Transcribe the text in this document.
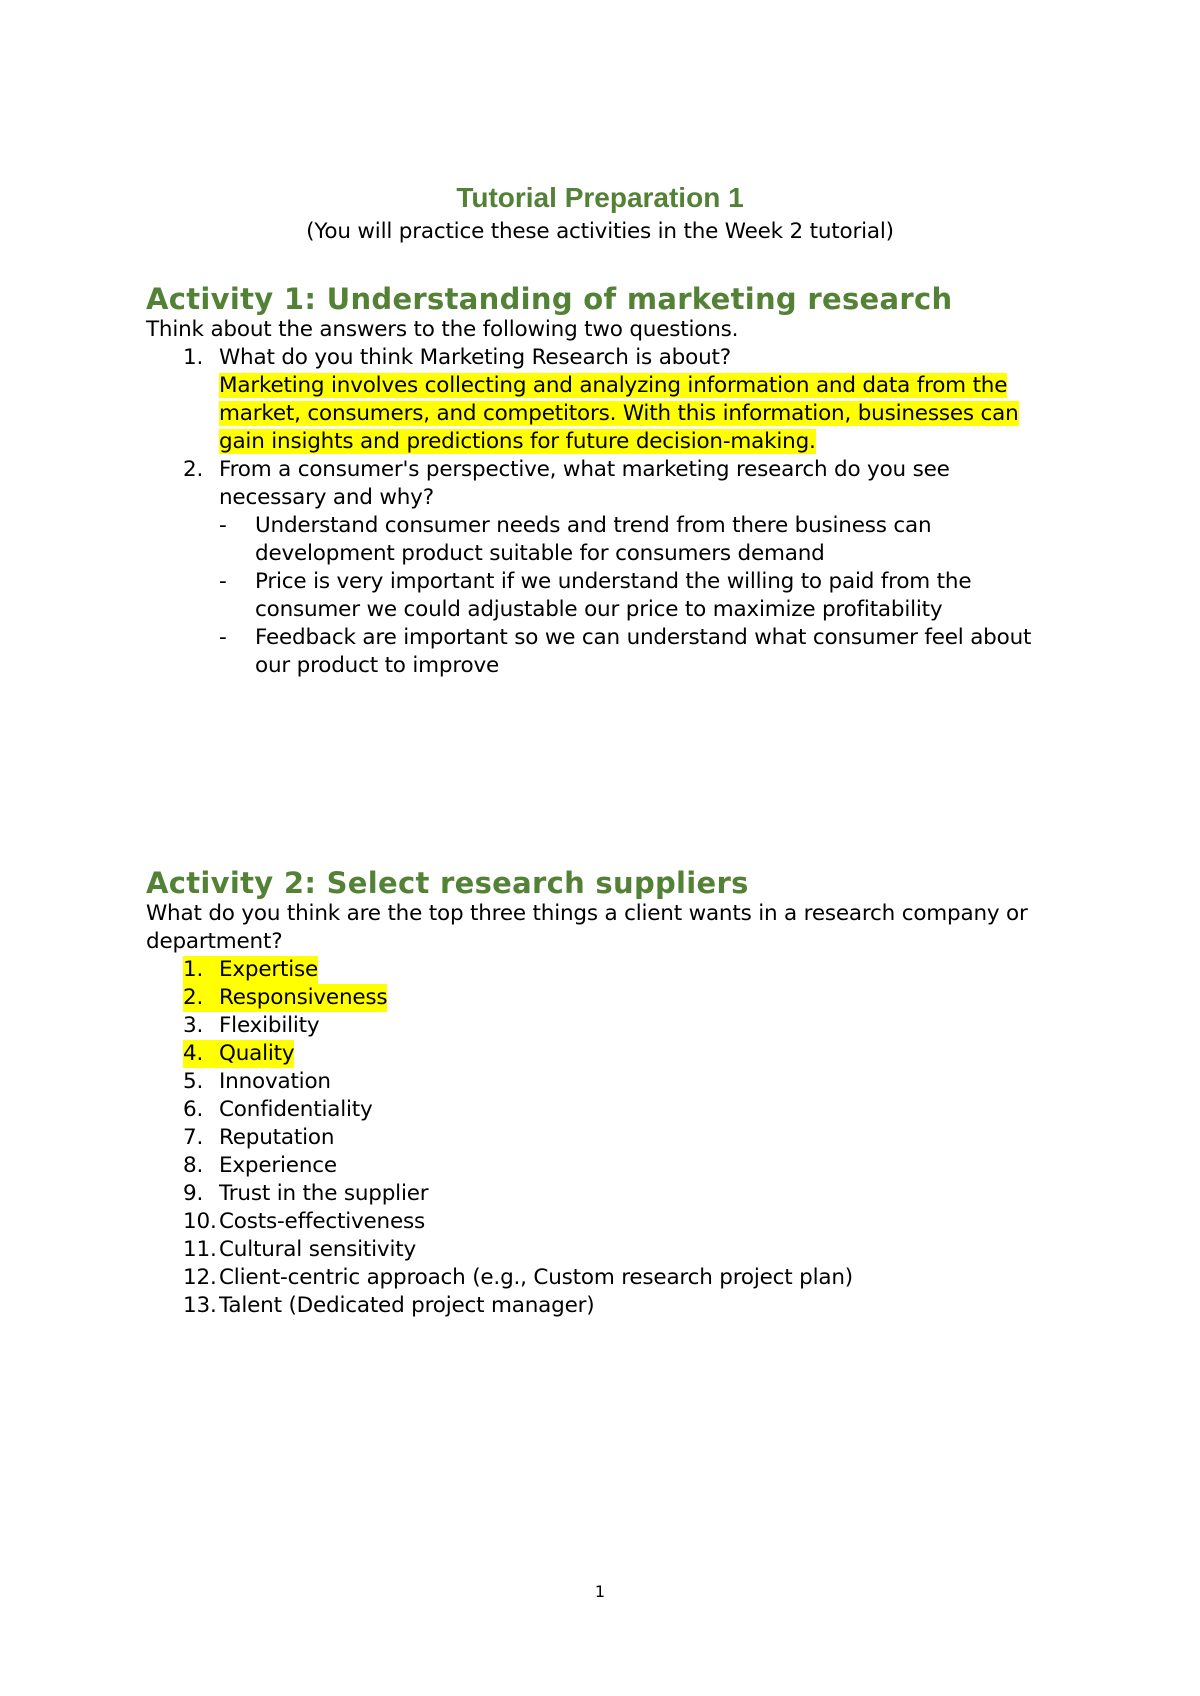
Tutorial Preparation 1
(You will practice these activities in the Week 2 tutorial)
Activity 1: Understanding of marketing research
Think about the answers to the following two questions.
1. What do you think Marketing Research is about?
Marketing involves collecting and analyzing information and data from the
market, consumers, and competitors. With this information, businesses can
gain insights and predictions for future decision-making.
2. From a consumer's perspective, what marketing research do you see
necessary and why?
- Understand consumer needs and trend from there business can
development product suitable for consumers demand
- Price is very important if we understand the willing to paid from the
consumer we could adjustable our price to maximize profitability
- Feedback are important so we can understand what consumer feel about
our product to improve
Activity 2: Select research suppliers
What do you think are the top three things a client wants in a research company or
department?
1. Expertise
2. Responsiveness
3. Flexibility
4. Quality
5. Innovation
6. Confidentiality
7. Reputation
8. Experience
9. Trust in the supplier
10. Costs-effectiveness
11. Cultural sensitivity
12. Client-centric approach (e.g., Custom research project plan)
13. Talent (Dedicated project manager)
1
